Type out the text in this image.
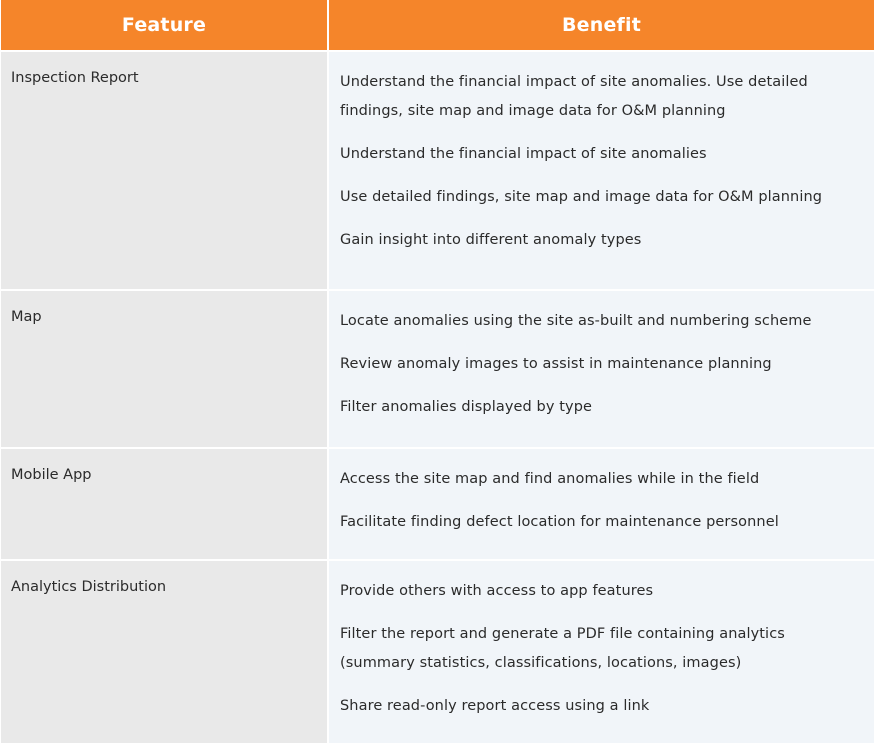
Feature	Benefit
Inspection Report	Understand the financial impact of site anomalies. Use detailed findings, site map and image data for O&M planning

Understand the financial impact of site anomalies

Use detailed findings, site map and image data for O&M planning

Gain insight into different anomaly types

Map	Locate anomalies using the site as-built and numbering scheme

Review anomaly images to assist in maintenance planning

Filter anomalies displayed by type

Mobile App	Access the site map and find anomalies while in the field

Facilitate finding defect location for maintenance personnel

Analytics Distribution	Provide others with access to app features

Filter the report and generate a PDF file containing analytics (summary statistics, classifications, locations, images)

Share read-only report access using a link
